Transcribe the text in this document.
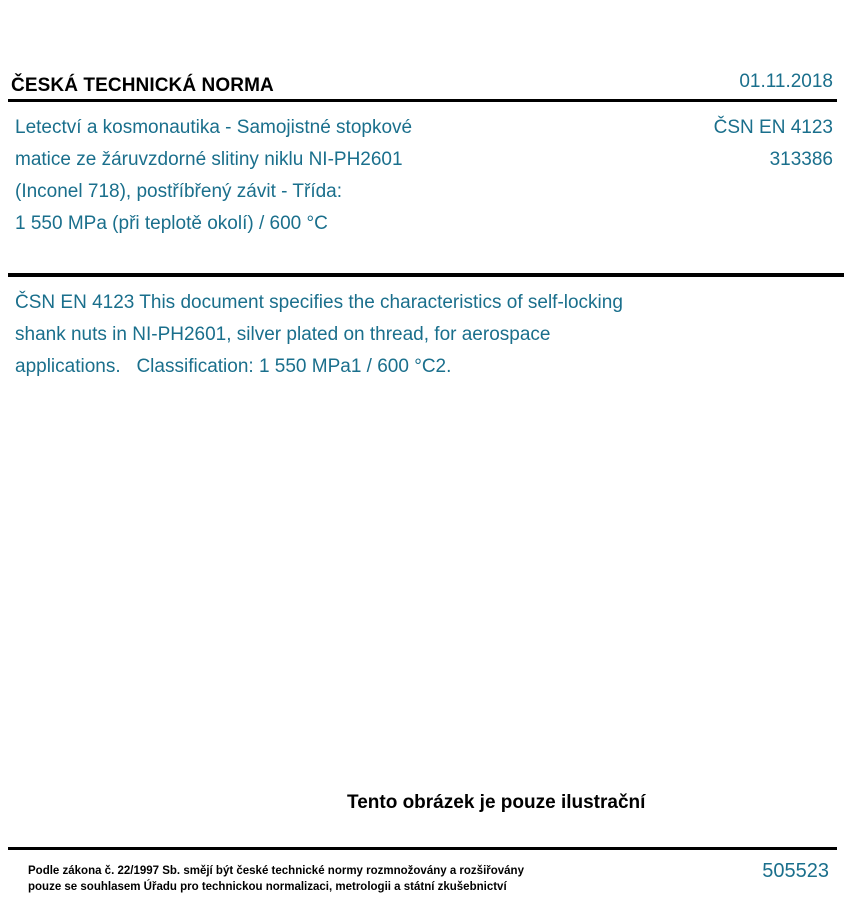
ČESKÁ TECHNICKÁ NORMA	01.11.2018
Letectví a kosmonautika - Samojistné stopkové
matice ze žáruvzdorné slitiny niklu NI-PH2601
(Inconel 718), postříbřený závit - Třída:
1 550 MPa (při teplotě okolí) / 600 °C
ČSN EN 4123
313386
ČSN EN 4123 This document specifies the characteristics of self-locking
shank nuts in NI-PH2601, silver plated on thread, for aerospace
applications.   Classification: 1 550 MPa1 / 600 °C2.
Tento obrázek je pouze ilustrační
Podle zákona č. 22/1997 Sb. smějí být české technické normy rozmnožovány a rozšiřovány
pouze se souhlasem Úřadu pro technickou normalizaci, metrologii a státní zkušebnictví
505523
